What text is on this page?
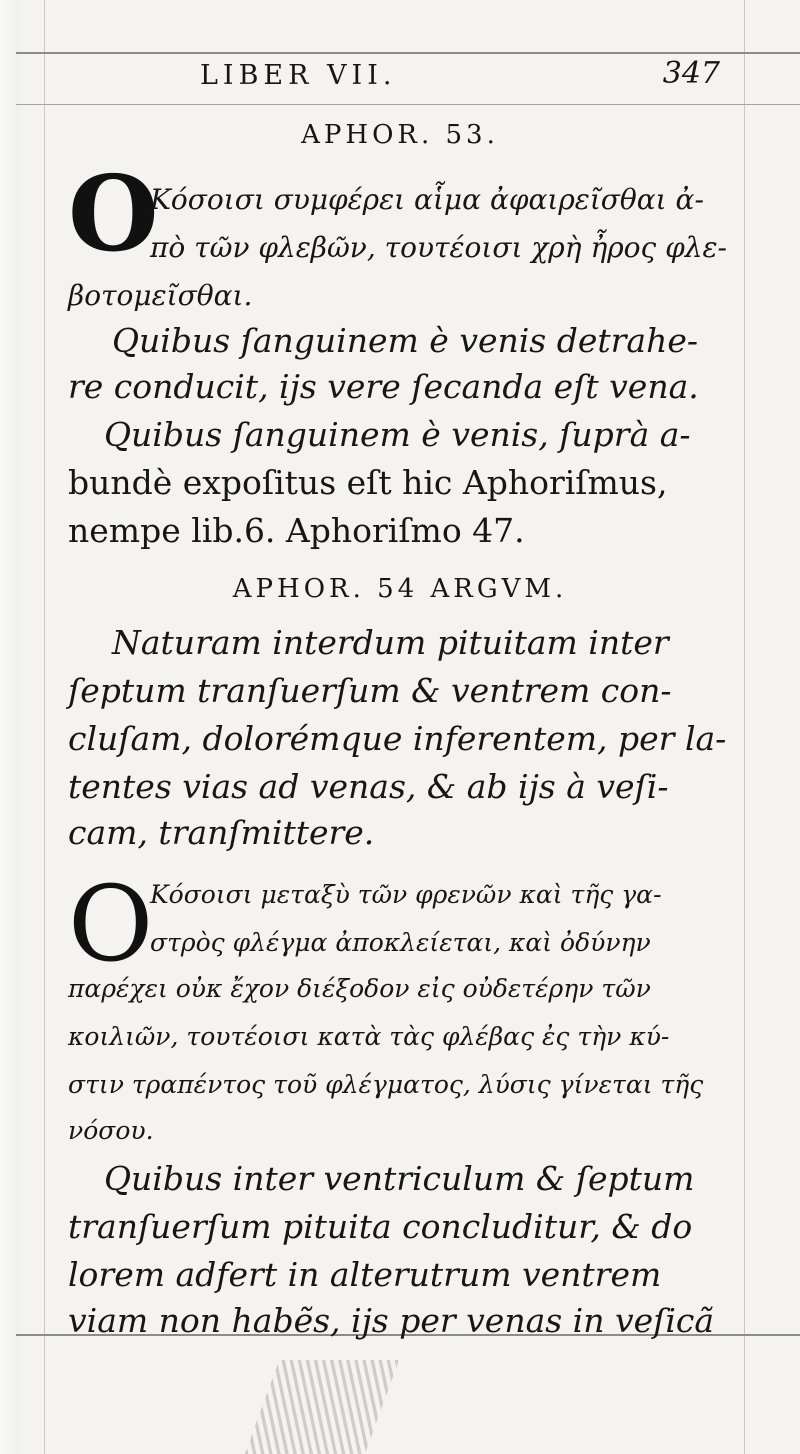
LIBER VII.	347
APHOR. 53.
O
Κόσοισι συμφέρει αἷμα ἀφαιρεῖσθαι ἀ-
πὸ τῶν φλεβῶν, τουτέοισι χρὴ ἦρος φλε-
βοτομεῖσθαι.
Quibus ſanguinem è venis detrahe-
re conducit, ijs vere ſecanda eſt vena.
Quibus ſanguinem è venis, ſuprà a-
bundè expoſitus eſt hic Aphoriſmus,
nempe lib.6. Aphoriſmo 47.
APHOR. 54 ARGVM.
Naturam interdum pituitam inter
ſeptum tranſuerſum & ventrem con-
cluſam, dolorémque inferentem, per la-
tentes vias ad venas, & ab ijs à veſi-
cam, tranſmittere.
O
Κόσοισι μεταξὺ τῶν φρενῶν καὶ τῆς γα-
στρὸς φλέγμα ἀποκλείεται, καὶ ὀδύνην
παρέχει οὐκ ἔχον διέξοδον εἰς οὐδετέρην τῶν
κοιλιῶν, τουτέοισι κατὰ τὰς φλέβας ἐς τὴν κύ-
στιν τραπέντος τοῦ φλέγματος, λύσις γίνεται τῆς
νόσου.
Quibus inter ventriculum & ſeptum
tranſuerſum pituita concluditur, & do
lorem adfert in alterutrum ventrem
viam non habẽs, ijs per venas in veſicã
